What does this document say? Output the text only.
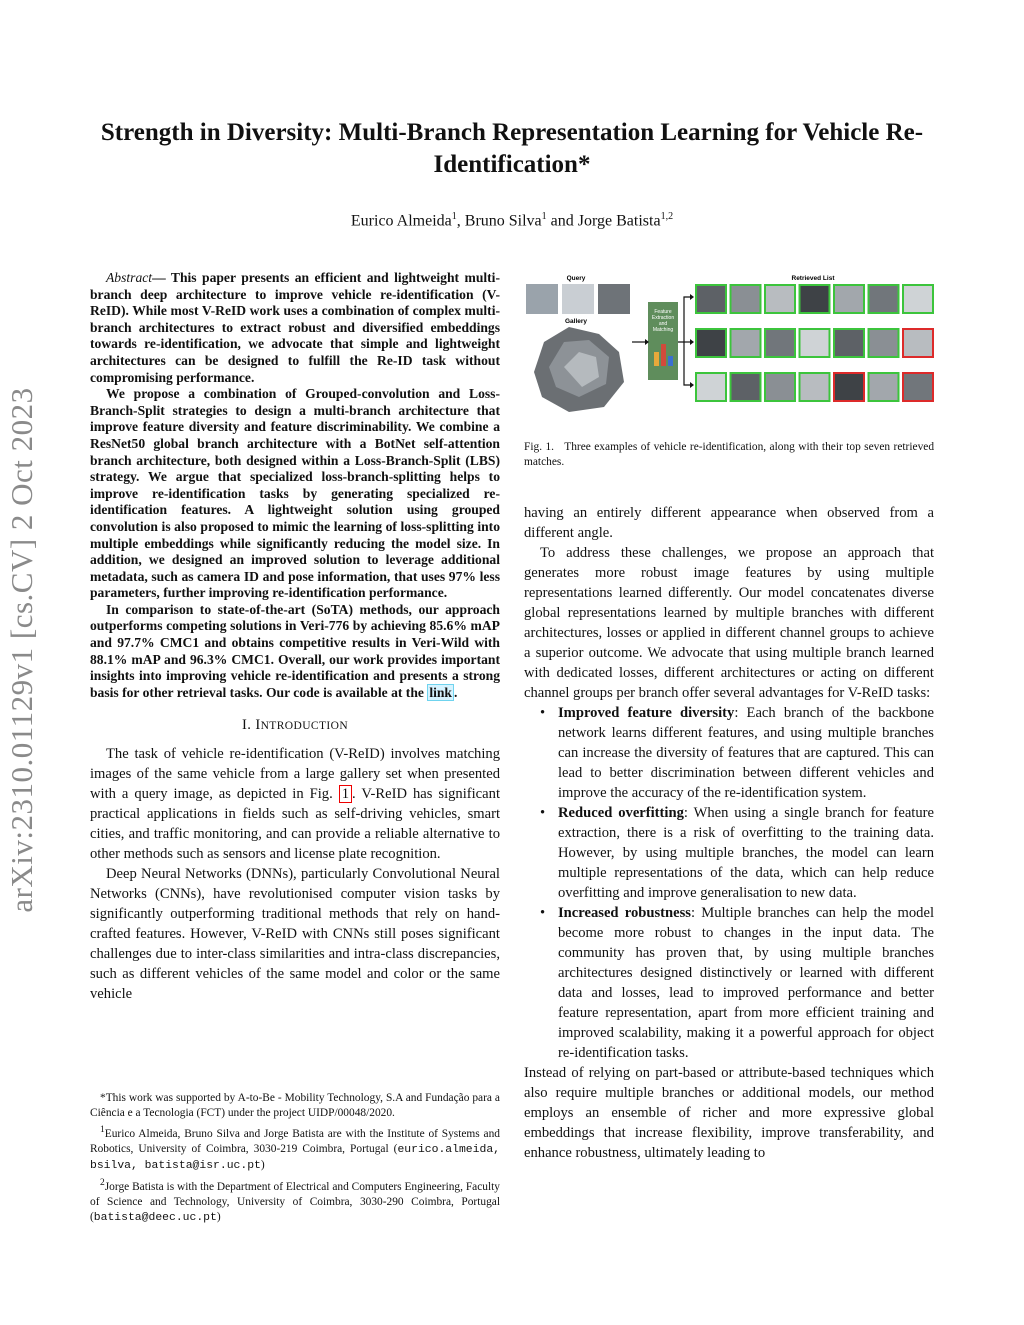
Strength in Diversity: Multi-Branch Representation Learning for Vehicle Re-Identification*
Eurico Almeida$^1$, Bruno Silva$^1$ and Jorge Batista$^{1,2}$
arXiv:2310.01129v1 [cs.CV] 2 Oct 2023

Abstract— This paper presents an efficient and lightweight multi-branch deep architecture to improve vehicle re-identification (V-ReID). While most V-ReID work uses a combination of complex multi-branch architectures to extract robust and diversified embeddings towards re-identification, we advocate that simple and lightweight architectures can be designed to fulfill the Re-ID task without compromising performance.

We propose a combination of Grouped-convolution and Loss-Branch-Split strategies to design a multi-branch architecture that improve feature diversity and feature discriminability. We combine a ResNet50 global branch architecture with a BotNet self-attention branch architecture, both designed within a Loss-Branch-Split (LBS) strategy. We argue that specialized loss-branch-splitting helps to improve re-identification tasks by generating specialized re-identification features. A lightweight solution using grouped convolution is also proposed to mimic the learning of loss-splitting into multiple embeddings while significantly reducing the model size. In addition, we designed an improved solution to leverage additional metadata, such as camera ID and pose information, that uses 97% less parameters, further improving re-identification performance.

In comparison to state-of-the-art (SoTA) methods, our approach outperforms competing solutions in Veri-776 by achieving 85.6% mAP and 97.7% CMC1 and obtains competitive results in Veri-Wild with 88.1% mAP and 96.3% CMC1. Overall, our work provides important insights into improving vehicle re-identification and presents a strong basis for other retrieval tasks. Our code is available at the link .

I. INTRODUCTION

The task of vehicle re-identification (V-ReID) involves matching images of the same vehicle from a large gallery set when presented with a query image, as depicted in Fig. 1 . V-ReID has significant practical applications in fields such as self-driving vehicles, smart cities, and traffic monitoring, and can provide a reliable alternative to other methods such as sensors and license plate recognition.

Deep Neural Networks (DNNs), particularly Convolutional Neural Networks (CNNs), have revolutionised computer vision tasks by significantly outperforming traditional methods that rely on hand-crafted features. However, V-ReID with CNNs still poses significant challenges due to inter-class similarities and intra-class discrepancies, such as different vehicles of the same model and color or the same vehicle

*This work was supported by A-to-Be - Mobility Technology, S.A and Fundação para a Ciência e a Tecnologia (FCT) under the project UIDP/00048/2020.

$^1$Eurico Almeida, Bruno Silva and Jorge Batista are with the Institute of Systems and Robotics, University of Coimbra, 3030-219 Coimbra, Portugal (eurico.almeida, bsilva, batista@isr.uc.pt)

$^2$Jorge Batista is with the Department of Electrical and Computers Engineering, Faculty of Science and Technology, University of Coimbra, 3030-290 Coimbra, Portugal (batista@deec.uc.pt)

Query	Retrieved List
Gallery
Feature
Extraction
and
Matching
Fig. 1. Three examples of vehicle re-identification, along with their top seven retrieved matches.

having an entirely different appearance when observed from a different angle.

To address these challenges, we propose an approach that generates more robust image features by using multiple representations learned differently. Our model concatenates diverse global representations learned by multiple branches with different architectures, losses or applied in different channel groups to achieve a superior outcome. We advocate that using multiple branch learned with dedicated losses, different architectures or acting on different channel groups per branch offer several advantages for V-ReID tasks:

• Improved feature diversity: Each branch of the backbone network learns different features, and using multiple branches can increase the diversity of features that are captured. This can lead to better discrimination between different vehicles and improve the accuracy of the re-identification system.
• Reduced overfitting: When using a single branch for feature extraction, there is a risk of overfitting to the training data. However, by using multiple branches, the model can learn multiple representations of the data, which can help reduce overfitting and improve generalisation to new data.
• Increased robustness: Multiple branches can help the model become more robust to changes in the input data. The community has proven that, by using multiple branches architectures designed distinctively or learned with different data and losses, lead to improved performance and better feature representation, apart from more efficient training and improved scalability, making it a powerful approach for object re-identification tasks.

Instead of relying on part-based or attribute-based techniques which also require multiple branches or additional models, our method employs an ensemble of richer and more expressive global embeddings that increase flexibility, improve transferability, and enhance robustness, ultimately leading to
